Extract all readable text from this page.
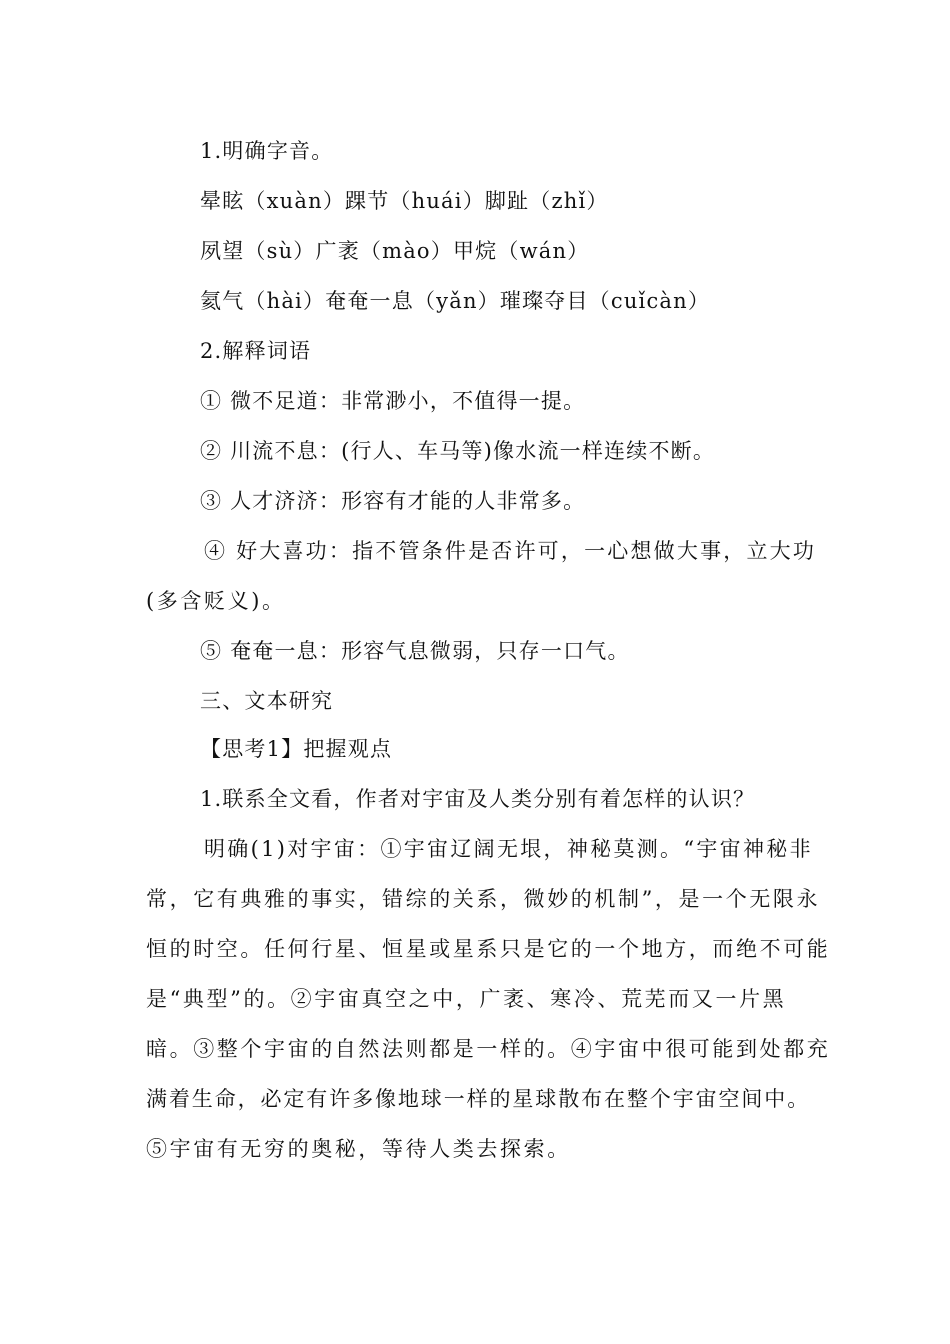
1.明确字音。
晕眩（xuàn）踝节（huái）脚趾（zhǐ）
夙望（sù）广袤（mào）甲烷（wán）
氦气（hài）奄奄一息（yǎn）璀璨夺目（cuǐcàn）
2.解释词语
① 微不足道：非常渺小，不值得一提。
② 川流不息：(行人、车马等)像水流一样连续不断。
③ 人才济济：形容有才能的人非常多。
④ 好大喜功：指不管条件是否许可，一心想做大事，立大功
(多含贬义)。
⑤ 奄奄一息：形容气息微弱，只存一口气。
三、文本研究
【思考1】把握观点
1.联系全文看，作者对宇宙及人类分别有着怎样的认识？
明确(1)对宇宙：①宇宙辽阔无垠，神秘莫测。“宇宙神秘非
常，它有典雅的事实，错综的关系，微妙的机制”，是一个无限永
恒的时空。任何行星、恒星或星系只是它的一个地方，而绝不可能
是“典型”的。②宇宙真空之中，广袤、寒冷、荒芜而又一片黑
暗。③整个宇宙的自然法则都是一样的。④宇宙中很可能到处都充
满着生命，必定有许多像地球一样的星球散布在整个宇宙空间中。
⑤宇宙有无穷的奥秘，等待人类去探索。
